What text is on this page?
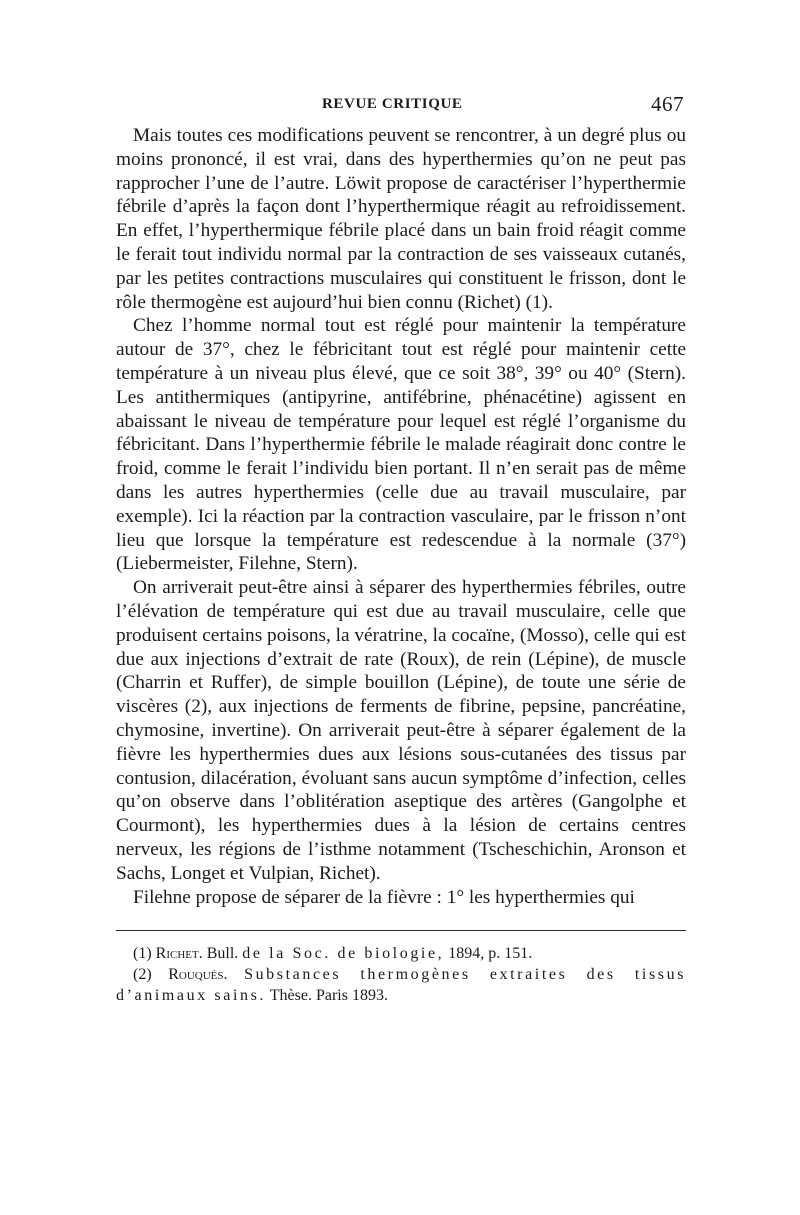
REVUE CRITIQUE	467

Mais toutes ces modifications peuvent se rencontrer, à un degré plus ou moins prononcé, il est vrai, dans des hyperthermies qu’on ne peut pas rapprocher l’une de l’autre. Löwit propose de caractériser l’hyperthermie fébrile d’après la façon dont l’hyperthermique réagit au refroidissement. En effet, l’hyperthermique fébrile placé dans un bain froid réagit comme le ferait tout individu normal par la contraction de ses vaisseaux cutanés, par les petites contractions musculaires qui constituent le frisson, dont le rôle thermogène est aujourd’hui bien connu (Richet) (1).

Chez l’homme normal tout est réglé pour maintenir la température autour de 37°, chez le fébricitant tout est réglé pour maintenir cette température à un niveau plus élevé, que ce soit 38°, 39° ou 40° (Stern). Les antithermiques (antipyrine, antifébrine, phénacétine) agissent en abaissant le niveau de température pour lequel est réglé l’organisme du fébricitant. Dans l’hyperthermie fébrile le malade réagirait donc contre le froid, comme le ferait l’individu bien portant. Il n’en serait pas de même dans les autres hyperthermies (celle due au travail musculaire, par exemple). Ici la réaction par la contraction vasculaire, par le frisson n’ont lieu que lorsque la température est redescendue à la normale (37°) (Liebermeister, Filehne, Stern).

On arriverait peut-être ainsi à séparer des hyperthermies fébriles, outre l’élévation de température qui est due au travail musculaire, celle que produisent certains poisons, la vératrine, la cocaïne, (Mosso), celle qui est due aux injections d’extrait de rate (Roux), de rein (Lépine), de muscle (Charrin et Ruffer), de simple bouillon (Lépine), de toute une série de viscères (2), aux injections de ferments de fibrine, pepsine, pancréatine, chymosine, invertine). On arriverait peut-être à séparer également de la fièvre les hyperthermies dues aux lésions sous-cutanées des tissus par contusion, dilacération, évoluant sans aucun symptôme d’infection, celles qu’on observe dans l’oblitération aseptique des artères (Gangolphe et Courmont), les hyperthermies dues à la lésion de certains centres nerveux, les régions de l’isthme notamment (Tscheschichin, Aronson et Sachs, Longet et Vulpian, Richet).

Filehne propose de séparer de la fièvre : 1° les hyperthermies qui

(1) Richet. Bull. de la Soc. de biologie, 1894, p. 151.

(2) Rouqués. Substances thermogènes extraites des tissus d’animaux sains. Thèse. Paris 1893.
